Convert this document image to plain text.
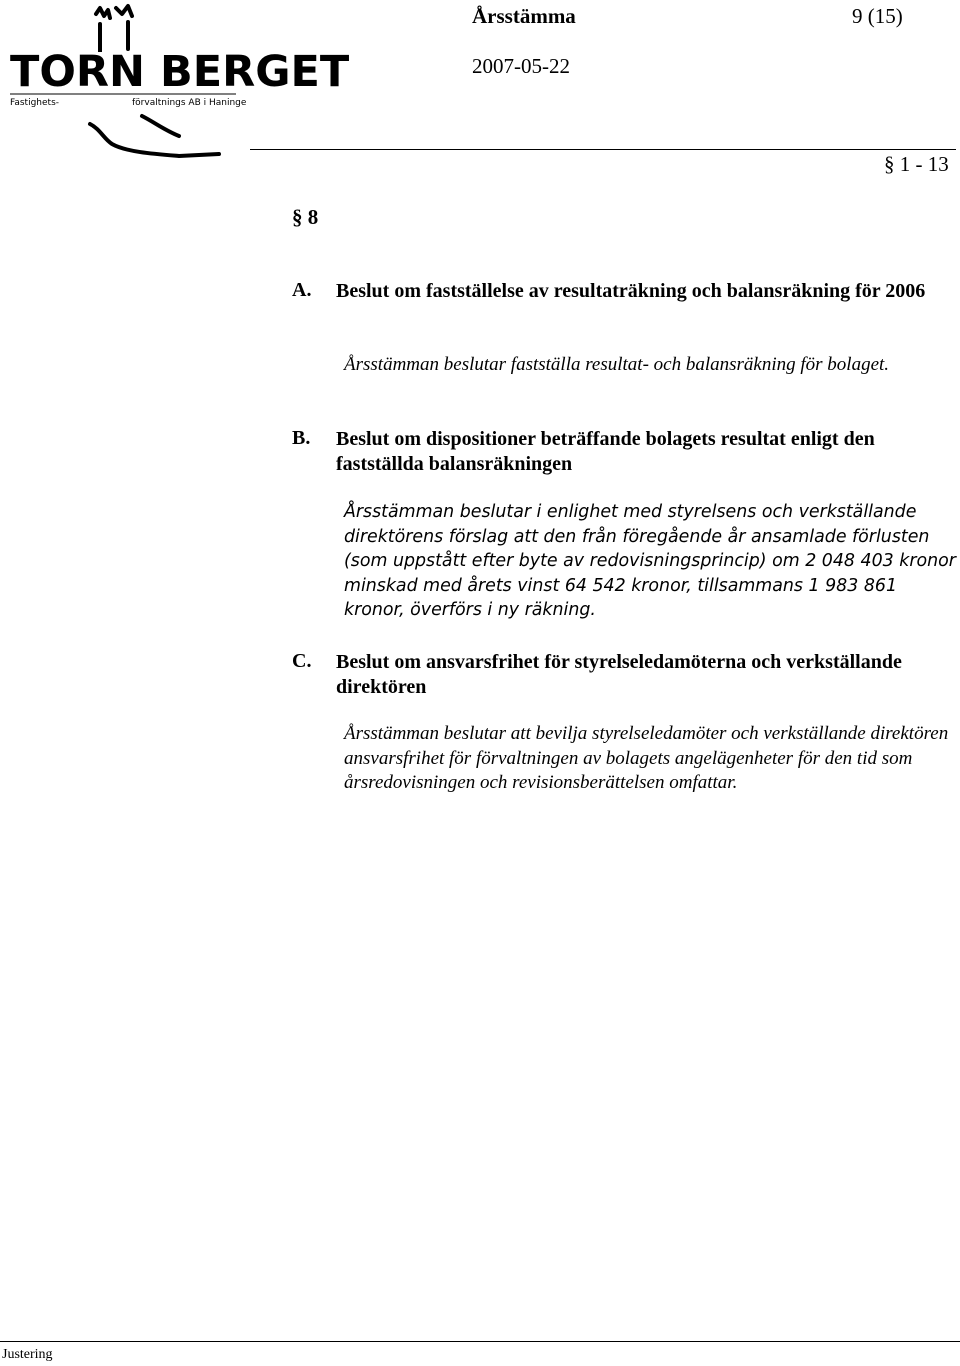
TORN BERGET
Fastighets-	förvaltnings AB i Haninge
Årsstämma	9 (15)
2007-05-22
§ 1 - 13
§ 8
A. Beslut om fastställelse av resultaträkning och balansräkning för 2006
Årsstämman beslutar fastställa resultat- och balansräkning för bolaget.
B. Beslut om dispositioner beträffande bolagets resultat enligt den fastställda balansräkningen
Årsstämman beslutar i enlighet med styrelsens och verkställande direktörens förslag att den från föregående år ansamlade förlusten (som uppstått efter byte av redovisningsprincip) om 2 048 403 kronor minskad med årets vinst 64 542 kronor, tillsammans 1 983 861 kronor, överförs i ny räkning.
C. Beslut om ansvarsfrihet för styrelseledamöterna och verkställande direktören
Årsstämman beslutar att bevilja styrelseledamöter och verkställande direktören ansvarsfrihet för förvaltningen av bolagets angelägenheter för den tid som årsredovisningen och revisionsberättelsen omfattar.
Justering
